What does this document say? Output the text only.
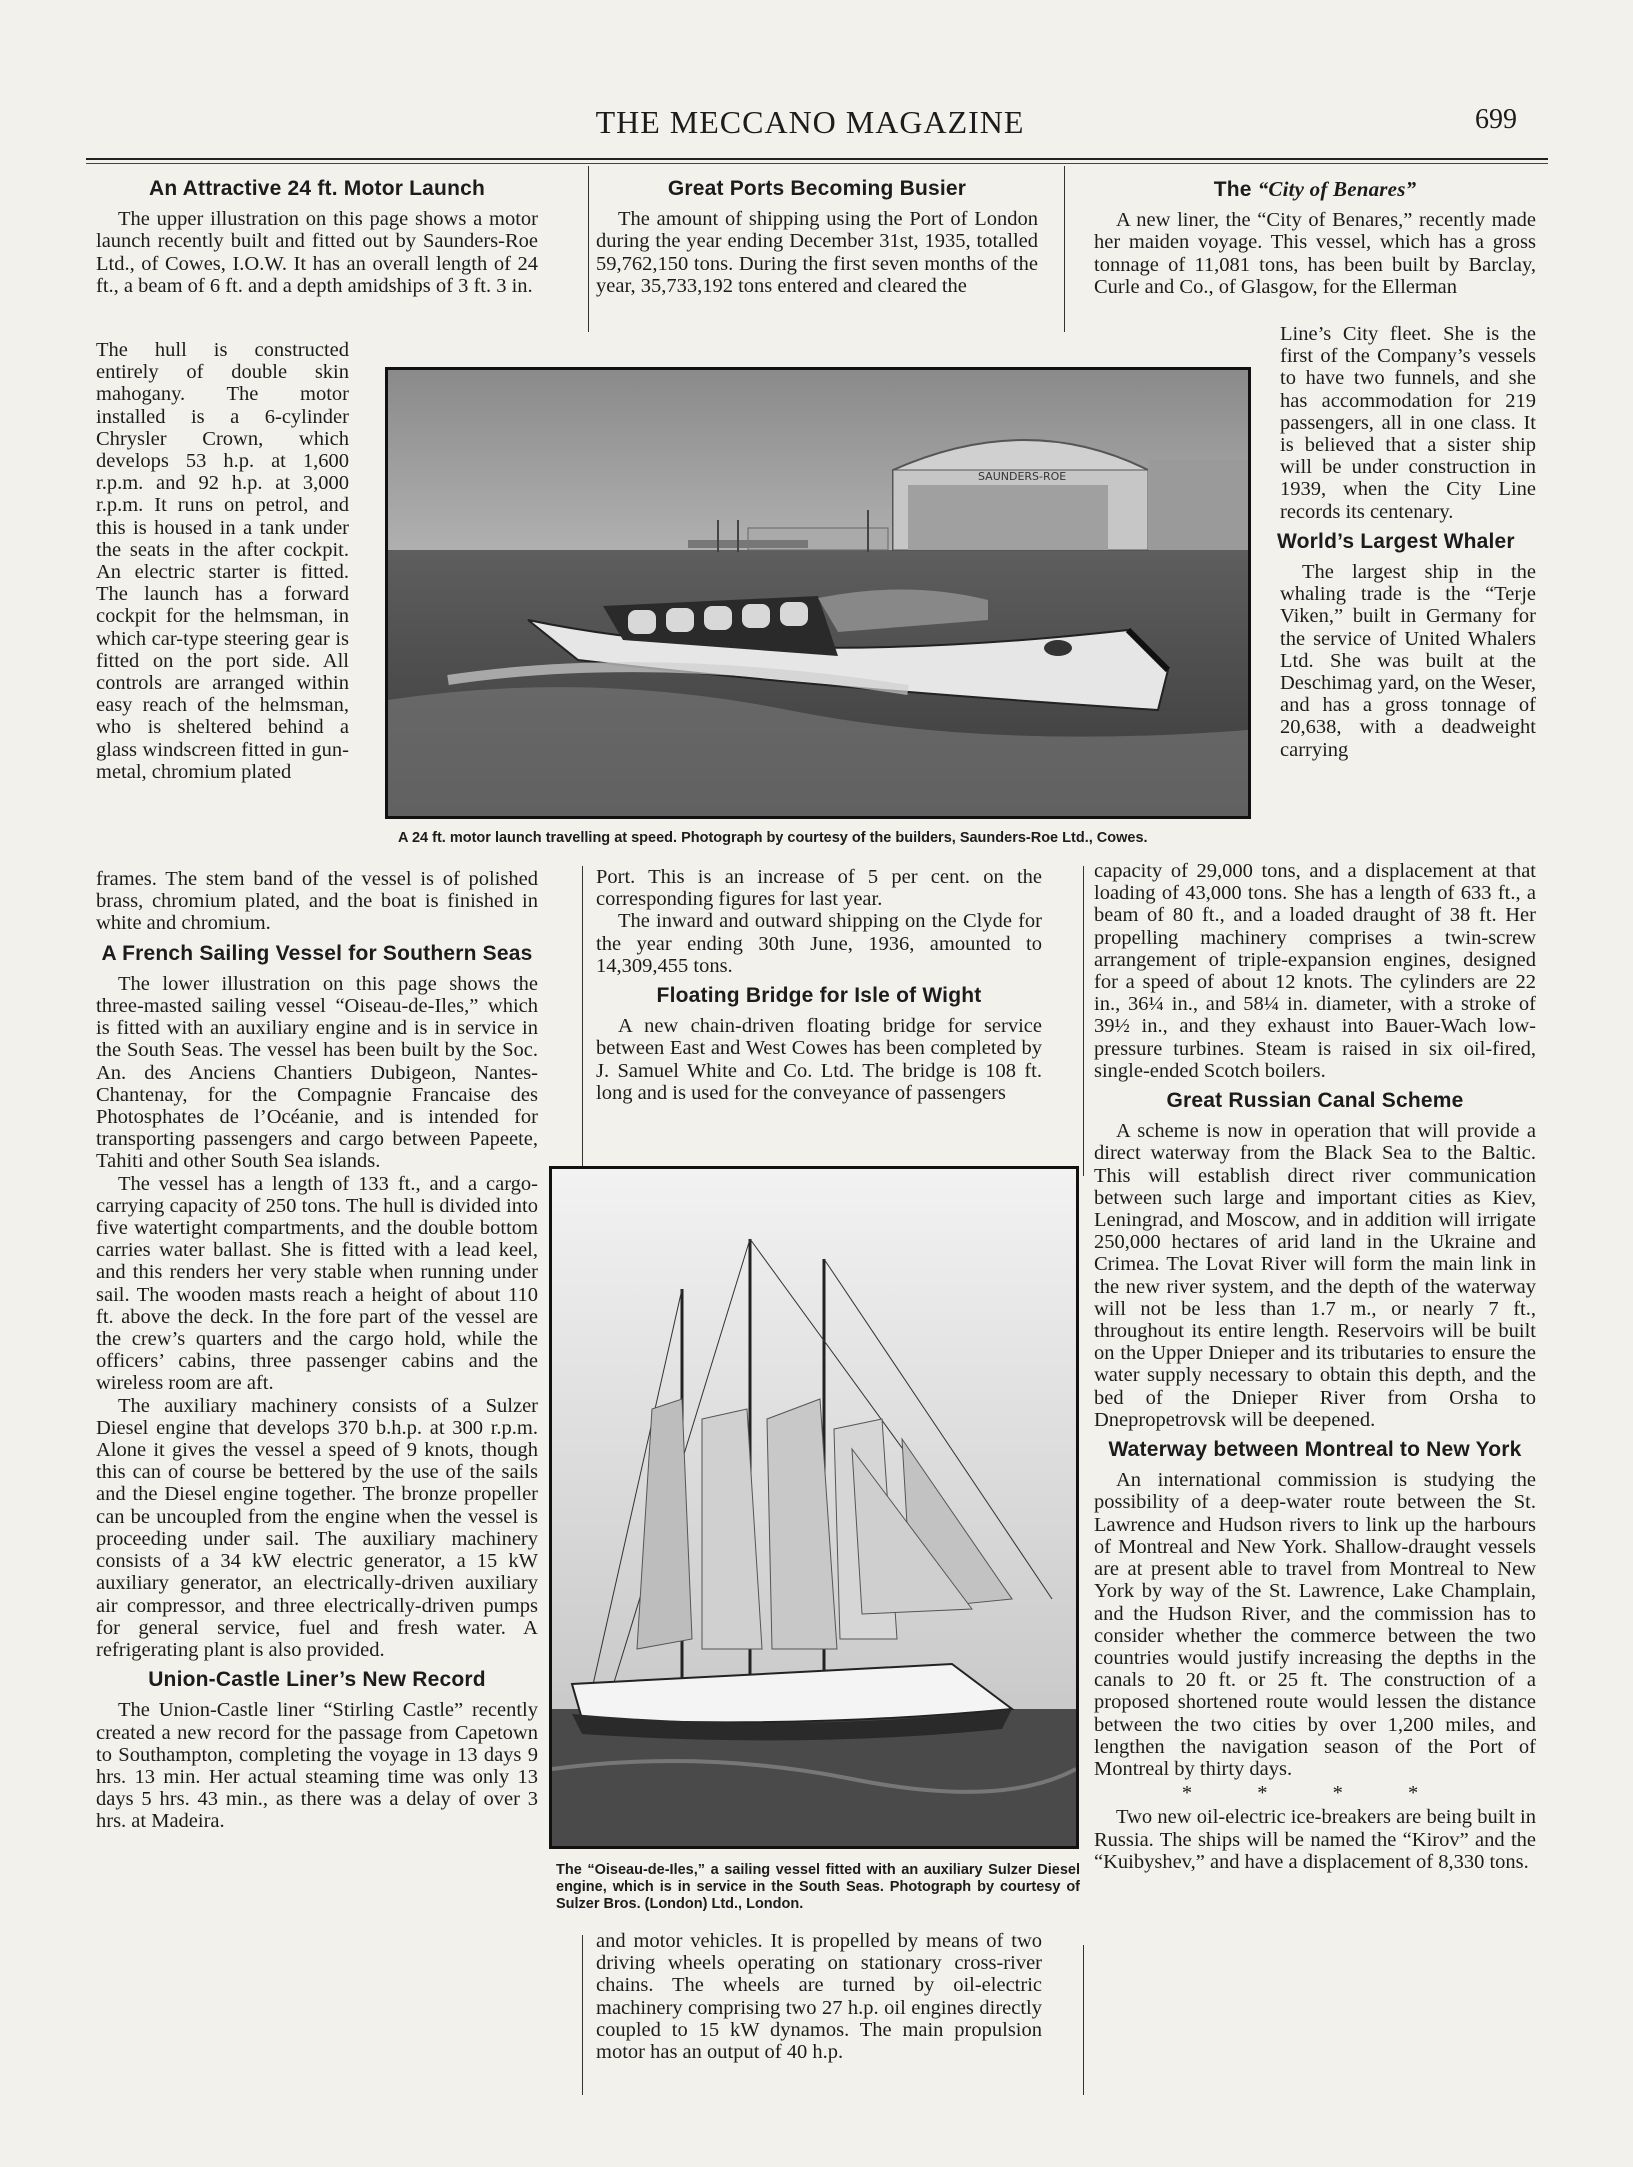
THE MECCANO MAGAZINE	699
An Attractive 24 ft. Motor Launch

The upper illustration on this page shows a motor launch recently built and fitted out by Saunders-Roe Ltd., of Cowes, I.O.W. It has an overall length of 24 ft., a beam of 6 ft. and a depth amidships of 3 ft. 3 in.

The hull is constructed entirely of double skin mahogany. The motor installed is a 6-cylinder Chrysler Crown, which develops 53 h.p. at 1,600 r.p.m. and 92 h.p. at 3,000 r.p.m. It runs on petrol, and this is housed in a tank under the seats in the after cockpit. An electric starter is fitted. The launch has a forward cockpit for the helmsman, in which car-type steering gear is fitted on the port side. All controls are arranged within easy reach of the helmsman, who is sheltered behind a glass windscreen fitted in gun-metal, chromium plated

frames. The stem band of the vessel is of polished brass, chromium plated, and the boat is finished in white and chromium.

A French Sailing Vessel for Southern Seas

The lower illustration on this page shows the three-masted sailing vessel “Oiseau-de-Iles,” which is fitted with an auxiliary engine and is in service in the South Seas. The vessel has been built by the Soc. An. des Anciens Chantiers Dubigeon, Nantes-Chantenay, for the Compagnie Francaise des Photosphates de l’Océanie, and is intended for transporting passengers and cargo between Papeete, Tahiti and other South Sea islands.

The vessel has a length of 133 ft., and a cargo-carrying capacity of 250 tons. The hull is divided into five watertight compartments, and the double bottom carries water ballast. She is fitted with a lead keel, and this renders her very stable when running under sail. The wooden masts reach a height of about 110 ft. above the deck. In the fore part of the vessel are the crew’s quarters and the cargo hold, while the officers’ cabins, three passenger cabins and the wireless room are aft.

The auxiliary machinery consists of a Sulzer Diesel engine that develops 370 b.h.p. at 300 r.p.m. Alone it gives the vessel a speed of 9 knots, though this can of course be bettered by the use of the sails and the Diesel engine together. The bronze propeller can be uncoupled from the engine when the vessel is proceeding under sail. The auxiliary machinery consists of a 34 kW electric generator, a 15 kW auxiliary generator, an electrically-driven auxiliary air compressor, and three electrically-driven pumps for general service, fuel and fresh water. A refrigerating plant is also provided.

Union-Castle Liner’s New Record

The Union-Castle liner “Stirling Castle” recently created a new record for the passage from Capetown to Southampton, completing the voyage in 13 days 9 hrs. 13 min. Her actual steaming time was only 13 days 5 hrs. 43 min., as there was a delay of over 3 hrs. at Madeira.

Great Ports Becoming Busier

The amount of shipping using the Port of London during the year ending December 31st, 1935, totalled 59,762,150 tons. During the first seven months of the year, 35,733,192 tons entered and cleared the

Port. This is an increase of 5 per cent. on the corresponding figures for last year.

The inward and outward shipping on the Clyde for the year ending 30th June, 1936, amounted to 14,309,455 tons.

Floating Bridge for Isle of Wight

A new chain-driven floating bridge for service between East and West Cowes has been completed by J. Samuel White and Co. Ltd. The bridge is 108 ft. long and is used for the conveyance of passengers

and motor vehicles. It is propelled by means of two driving wheels operating on stationary cross-river chains. The wheels are turned by oil-electric machinery comprising two 27 h.p. oil engines directly coupled to 15 kW dynamos. The main propulsion motor has an output of 40 h.p.

The “City of Benares”

A new liner, the “City of Benares,” recently made her maiden voyage. This vessel, which has a gross tonnage of 11,081 tons, has been built by Barclay, Curle and Co., of Glasgow, for the Ellerman

Line’s City fleet. She is the first of the Company’s vessels to have two funnels, and she has accommodation for 219 passengers, all in one class. It is believed that a sister ship will be under construction in 1939, when the City Line records its centenary.

World’s Largest Whaler

The largest ship in the whaling trade is the “Terje Viken,” built in Germany for the service of United Whalers Ltd. She was built at the Deschimag yard, on the Weser, and has a gross tonnage of 20,638, with a deadweight carrying

capacity of 29,000 tons, and a displacement at that loading of 43,000 tons. She has a length of 633 ft., a beam of 80 ft., and a loaded draught of 38 ft. Her propelling machinery comprises a twin-screw arrangement of triple-expansion engines, designed for a speed of about 12 knots. The cylinders are 22 in., 36¼ in., and 58¼ in. diameter, with a stroke of 39½ in., and they exhaust into Bauer-Wach low-pressure turbines. Steam is raised in six oil-fired, single-ended Scotch boilers.

Great Russian Canal Scheme

A scheme is now in operation that will provide a direct waterway from the Black Sea to the Baltic. This will establish direct river communication between such large and important cities as Kiev, Leningrad, and Moscow, and in addition will irrigate 250,000 hectares of arid land in the Ukraine and Crimea. The Lovat River will form the main link in the new river system, and the depth of the waterway will not be less than 1.7 m., or nearly 7 ft., throughout its entire length. Reservoirs will be built on the Upper Dnieper and its tributaries to ensure the water supply necessary to obtain this depth, and the bed of the Dnieper River from Orsha to Dnepropetrovsk will be deepened.

Waterway between Montreal to New York

An international commission is studying the possibility of a deep-water route between the St. Lawrence and Hudson rivers to link up the harbours of Montreal and New York. Shallow-draught vessels are at present able to travel from Montreal to New York by way of the St. Lawrence, Lake Champlain, and the Hudson River, and the commission has to consider whether the commerce between the two countries would justify increasing the depths in the canals to 20 ft. or 25 ft. The construction of a proposed shortened route would lessen the distance between the two cities by over 1,200 miles, and lengthen the navigation season of the Port of Montreal by thirty days.

* * * *

Two new oil-electric ice-breakers are being built in Russia. The ships will be named the “Kirov” and the “Kuibyshev,” and have a displacement of 8,330 tons.

SAUNDERS-ROE
A 24 ft. motor launch travelling at speed. Photograph by courtesy of the builders, Saunders-Roe Ltd., Cowes.
The “Oiseau-de-Iles,” a sailing vessel fitted with an auxiliary Sulzer Diesel engine, which is in service in the South Seas. Photograph by courtesy of Sulzer Bros. (London) Ltd., London.
